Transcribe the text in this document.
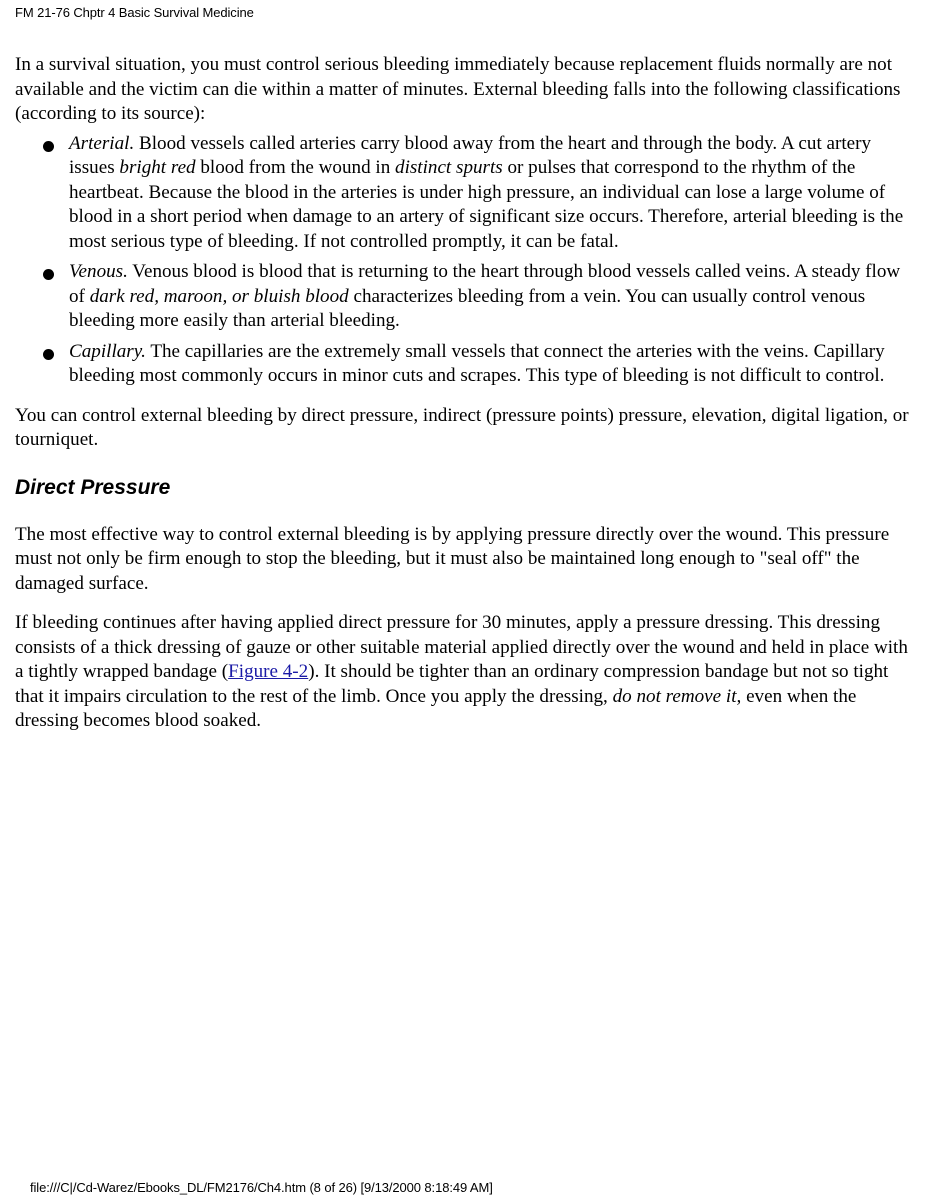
FM 21-76 Chptr 4 Basic Survival Medicine

In a survival situation, you must control serious bleeding immediately because replacement fluids normally are not available and the victim can die within a matter of minutes. External bleeding falls into the following classifications (according to its source):

Arterial. Blood vessels called arteries carry blood away from the heart and through the body. A cut artery issues bright red blood from the wound in distinct spurts or pulses that correspond to the rhythm of the heartbeat. Because the blood in the arteries is under high pressure, an individual can lose a large volume of blood in a short period when damage to an artery of significant size occurs. Therefore, arterial bleeding is the most serious type of bleeding. If not controlled promptly, it can be fatal.
Venous. Venous blood is blood that is returning to the heart through blood vessels called veins. A steady flow of dark red, maroon, or bluish blood characterizes bleeding from a vein. You can usually control venous bleeding more easily than arterial bleeding.
Capillary. The capillaries are the extremely small vessels that connect the arteries with the veins. Capillary bleeding most commonly occurs in minor cuts and scrapes. This type of bleeding is not difficult to control.

You can control external bleeding by direct pressure, indirect (pressure points) pressure, elevation, digital ligation, or tourniquet.

Direct Pressure

The most effective way to control external bleeding is by applying pressure directly over the wound. This pressure must not only be firm enough to stop the bleeding, but it must also be maintained long enough to "seal off" the damaged surface.

If bleeding continues after having applied direct pressure for 30 minutes, apply a pressure dressing. This dressing consists of a thick dressing of gauze or other suitable material applied directly over the wound and held in place with a tightly wrapped bandage (Figure 4-2). It should be tighter than an ordinary compression bandage but not so tight that it impairs circulation to the rest of the limb. Once you apply the dressing, do not remove it, even when the dressing becomes blood soaked.

file:///C|/Cd-Warez/Ebooks_DL/FM2176/Ch4.htm (8 of 26) [9/13/2000 8:18:49 AM]
